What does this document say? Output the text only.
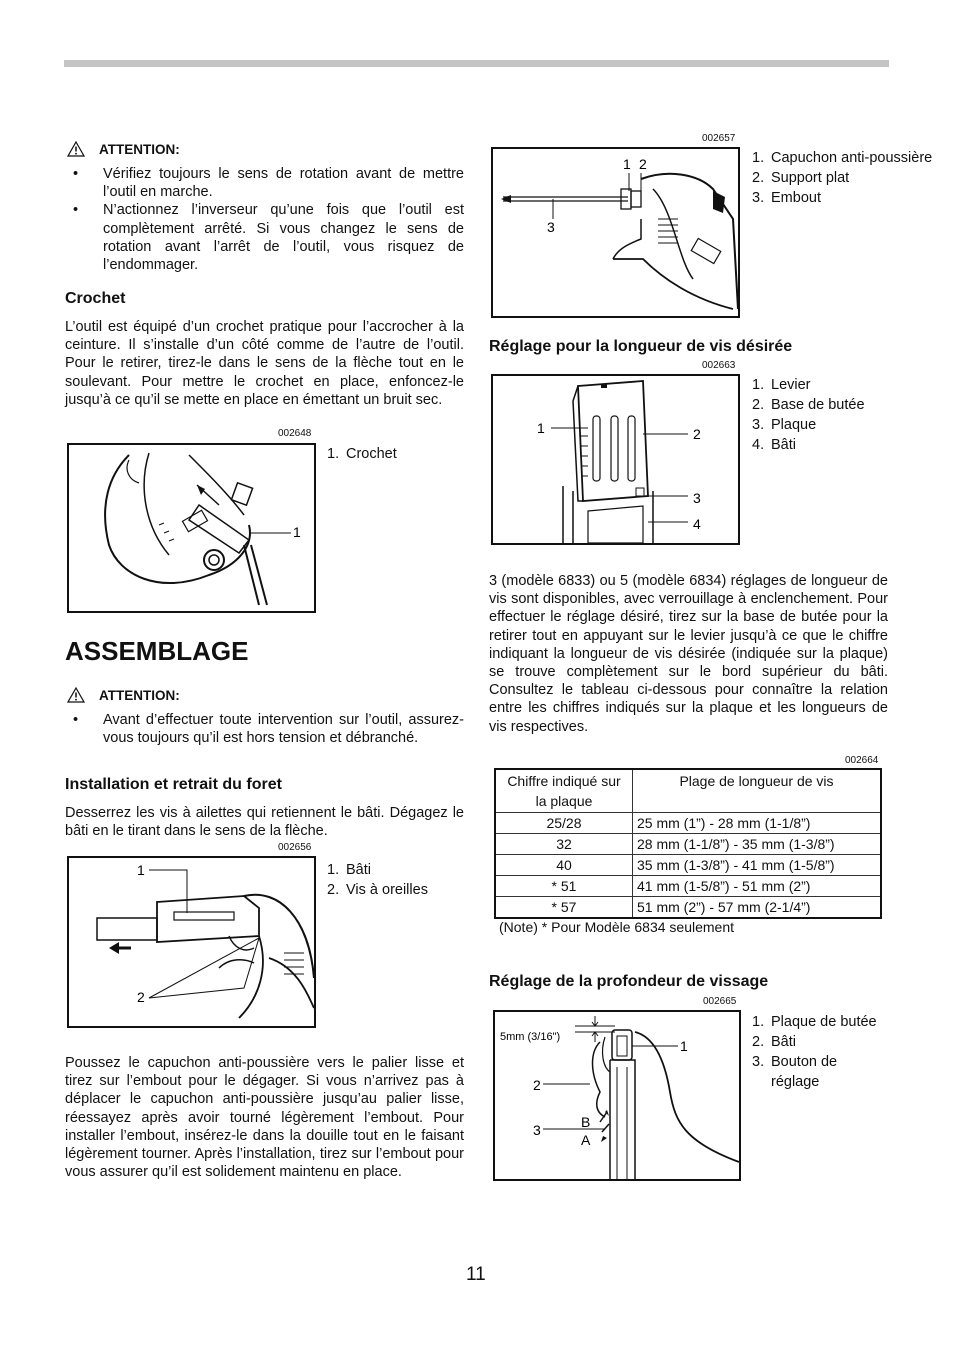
ATTENTION:
• Vérifiez toujours le sens de rotation avant de mettre l’outil en marche.
• N’actionnez l’inverseur qu’une fois que l’outil est complètement arrêté. Si vous changez le sens de rotation avant l’arrêt de l’outil, vous risquez de l’endommager.
Crochet

L’outil est équipé d’un crochet pratique pour l’accrocher à la ceinture. Il s’installe d’un côté comme de l’autre de l’outil. Pour le retirer, tirez-le dans le sens de la flèche tout en le soulevant. Pour mettre le crochet en place, enfoncez-le jusqu’à ce qu’il se mette en place en émettant un bruit sec.

002648
1
1. Crochet
ASSEMBLAGE
ATTENTION:
• Avant d’effectuer toute intervention sur l’outil, assurez-vous toujours qu’il est hors tension et débranché.
Installation et retrait du foret

Desserrez les vis à ailettes qui retiennent le bâti. Dégagez le bâti en le tirant dans le sens de la flèche.

002656
1
2
1. Bâti
2. Vis à oreilles

Poussez le capuchon anti-poussière vers le palier lisse et tirez sur l’embout pour le dégager. Si vous n’arrivez pas à déplacer le capuchon anti-poussière jusqu’au palier lisse, réessayez après avoir tourné légèrement l’embout. Pour installer l’embout, insérez-le dans la douille tout en le faisant légèrement tourner. Après l’installation, tirez sur l’embout pour vous assurer qu’il est solidement maintenu en place.

002657
1 2
3
1. Capuchon anti-poussière
2. Support plat
3. Embout
Réglage pour la longueur de vis désirée
002663
1	2
3
4
1. Levier
2. Base de butée
3. Plaque
4. Bâti

3 (modèle 6833) ou 5 (modèle 6834) réglages de longueur de vis sont disponibles, avec verrouillage à enclenchement. Pour effectuer le réglage désiré, tirez sur la base de butée pour la retirer tout en appuyant sur le levier jusqu’à ce que le chiffre indiquant la longueur de vis désirée (indiquée sur la plaque) se trouve complètement sur le bord supérieur du bâti. Consultez le tableau ci-dessous pour connaître la relation entre les chiffres indiqués sur la plaque et les longueurs de vis respectives.

002664
Chiffre indiqué sur la plaque	Plage de longueur de vis
25/28	25 mm (1”) - 28 mm (1-1/8”)
32	28 mm (1-1/8”) - 35 mm (1-3/8”)
40	35 mm (1-3/8”) - 41 mm (1-5/8”)
* 51	41 mm (1-5/8”) - 51 mm (2”)
* 57	51 mm (2”) - 57 mm (2-1/4”)
(Note) * Pour Modèle 6834 seulement
Réglage de la profondeur de vissage
002665
5mm (3/16")
1
2
3	B
A
1. Plaque de butée
2. Bâti
3. Bouton de réglage
11
